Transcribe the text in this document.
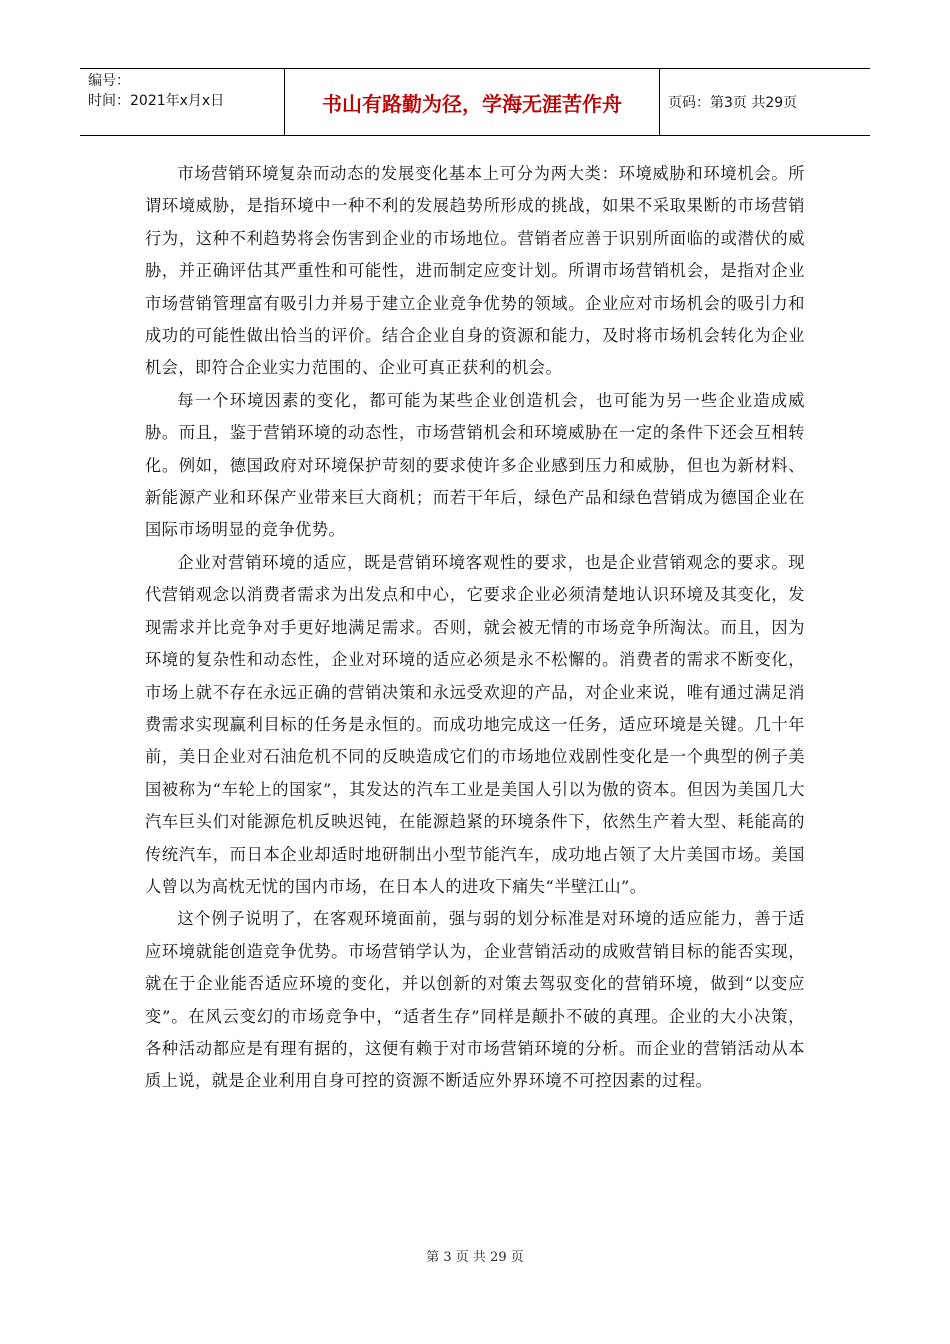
编号：
时间：2021年x月x日	书山有路勤为径，学海无涯苦作舟	页码：第3页 共29页

市场营销环境复杂而动态的发展变化基本上可分为两大类：环境威胁和环境机会。所谓环境威胁，是指环境中一种不利的发展趋势所形成的挑战，如果不采取果断的市场营销行为，这种不利趋势将会伤害到企业的市场地位。营销者应善于识别所面临的或潜伏的威胁，并正确评估其严重性和可能性，进而制定应变计划。所谓市场营销机会，是指对企业市场营销管理富有吸引力并易于建立企业竞争优势的领域。企业应对市场机会的吸引力和成功的可能性做出恰当的评价。结合企业自身的资源和能力，及时将市场机会转化为企业机会，即符合企业实力范围的、企业可真正获利的机会。

每一个环境因素的变化，都可能为某些企业创造机会，也可能为另一些企业造成威胁。而且，鉴于营销环境的动态性，市场营销机会和环境威胁在一定的条件下还会互相转化。例如，德国政府对环境保护苛刻的要求使许多企业感到压力和威胁，但也为新材料、新能源产业和环保产业带来巨大商机；而若干年后，绿色产品和绿色营销成为德国企业在国际市场明显的竞争优势。

企业对营销环境的适应，既是营销环境客观性的要求，也是企业营销观念的要求。现代营销观念以消费者需求为出发点和中心，它要求企业必须清楚地认识环境及其变化，发现需求并比竞争对手更好地满足需求。否则，就会被无情的市场竞争所淘汰。而且，因为环境的复杂性和动态性，企业对环境的适应必须是永不松懈的。消费者的需求不断变化，市场上就不存在永远正确的营销决策和永远受欢迎的产品，对企业来说，唯有通过满足消费需求实现赢利目标的任务是永恒的。而成功地完成这一任务，适应环境是关键。几十年前，美日企业对石油危机不同的反映造成它们的市场地位戏剧性变化是一个典型的例子美国被称为“车轮上的国家”，其发达的汽车工业是美国人引以为傲的资本。但因为美国几大汽车巨头们对能源危机反映迟钝，在能源趋紧的环境条件下，依然生产着大型、耗能高的传统汽车，而日本企业却适时地研制出小型节能汽车，成功地占领了大片美国市场。美国人曾以为高枕无忧的国内市场，在日本人的进攻下痛失“半壁江山”。

这个例子说明了，在客观环境面前，强与弱的划分标准是对环境的适应能力，善于适应环境就能创造竞争优势。市场营销学认为，企业营销活动的成败营销目标的能否实现，就在于企业能否适应环境的变化，并以创新的对策去驾驭变化的营销环境，做到“以变应变”。在风云变幻的市场竞争中，“适者生存”同样是颠扑不破的真理。企业的大小决策，各种活动都应是有理有据的，这便有赖于对市场营销环境的分析。而企业的营销活动从本质上说，就是企业利用自身可控的资源不断适应外界环境不可控因素的过程。

第 3 页 共 29 页
